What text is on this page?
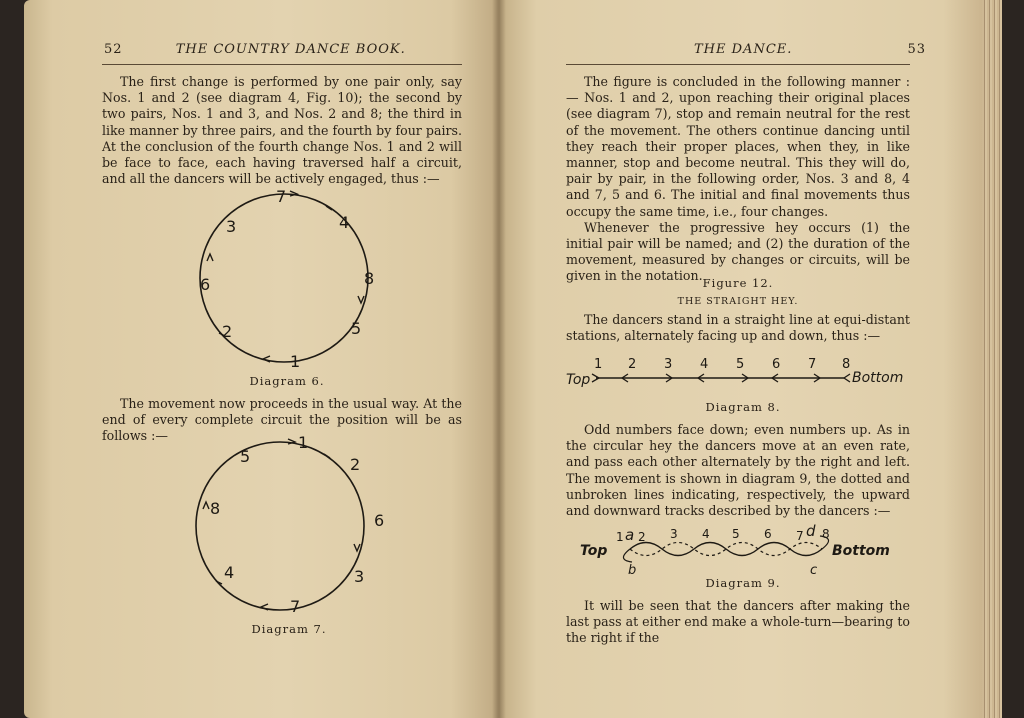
52	THE COUNTRY DANCE BOOK.

The first change is performed by one pair only, say Nos. 1 and 2 (see diagram 4, Fig. 10); the second by two pairs, Nos. 1 and 3, and Nos. 2 and 8; the third in like manner by three pairs, and the fourth by four pairs. At the conclusion of the fourth change Nos. 1 and 2 will be face to face, each having traversed half a circuit, and all the dancers will be actively engaged, thus :—

7
4
8
5
1
2
6
3
Diagram 6.

The movement now proceeds in the usual way. At the end of every complete circuit the position will be as follows :—	1
2
6
3
7
4
8
5
Diagram 7.
THE DANCE.	53

The figure is concluded in the following manner :— Nos. 1 and 2, upon reaching their original places (see diagram 7), stop and remain neutral for the rest of the movement. The others continue dancing until they reach their proper places, when they, in like manner, stop and become neutral. This they will do, pair by pair, in the following order, Nos. 3 and 8, 4 and 7, 5 and 6. The initial and final movements thus occupy the same time, i.e., four changes.

Whenever the progressive hey occurs (1) the initial pair will be named; and (2) the duration of the movement, measured by changes or circuits, will be given in the notation. Figure 12.
THE STRAIGHT HEY.

The dancers stand in a straight line at equi-distant stations, alternately facing up and down, thus :—

Top
1 2 3 4 5 6 7 8
Bottom
Diagram 8.

Odd numbers face down; even numbers up. As in the circular hey the dancers move at an even rate, and pass each other alternately by the right and left. The movement is shown in diagram 9, the dotted and unbroken lines indicating, respectively, the upward and downward tracks described by the dancers :—

Top
1 a 2 3 4 5 6 7 d 8
b	c
Bottom
Diagram 9.

It will be seen that the dancers after making the last pass at either end make a whole-turn—bearing to the right if the
